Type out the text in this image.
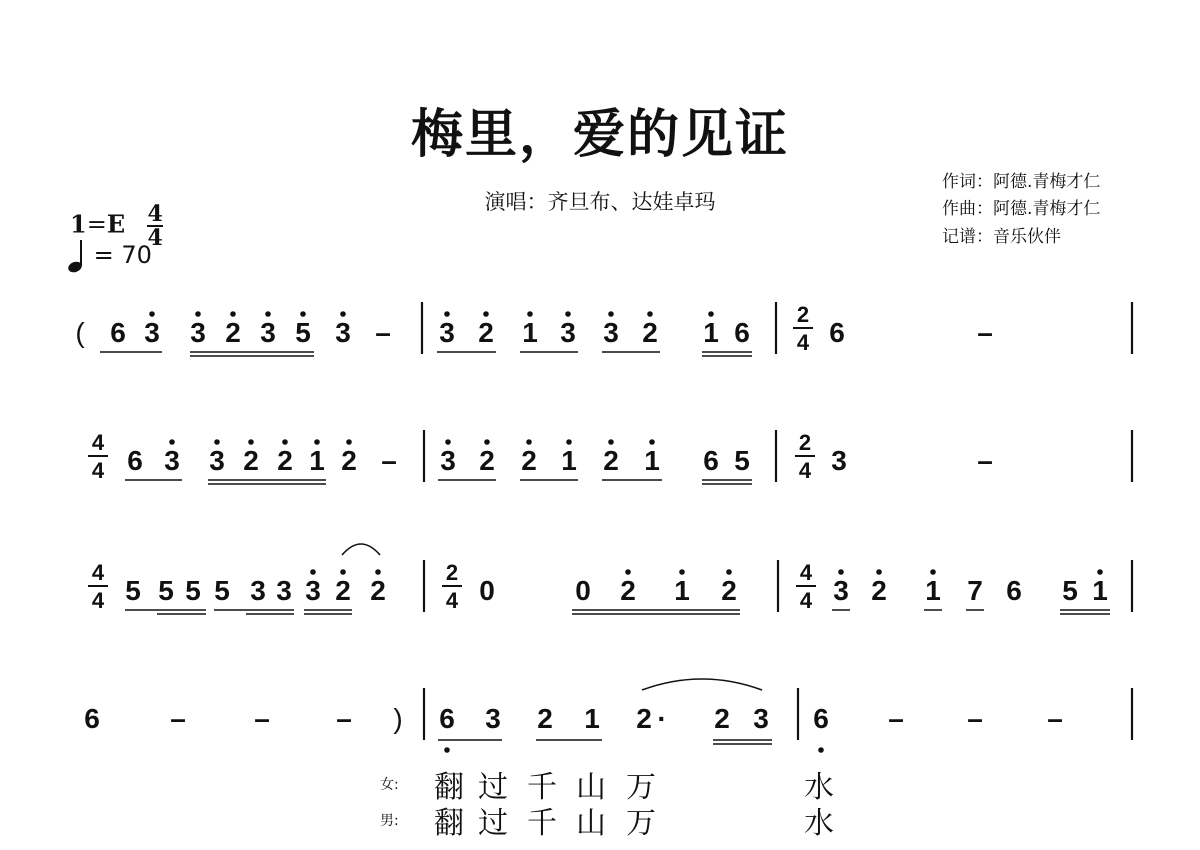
梅里，爱的见证
演唱：齐旦布、达娃卓玛
作词：阿德.青梅才仁
作曲：阿德.青梅才仁
记谱：音乐伙伴
$1=E \frac{4}{4}$
= 70
6 3 3 2 3 5 3 – 3 2 1 3 3 2 1 6	6	–
6 3 3 2 2 1 2 – 3 2 2 1 2 1 6 5	3	–
5 5 5 5 3 3 3 2 2	0	0 2 1 2	3 2 1 7 6 5 1
6	– – –	6 3 2 1 2 · 2 3 6 – – –
(
2
4
4
4
2
4
4
4
2
4
4
4
)
女: 翻 过 千 山 万	水
男: 翻 过 千 山 万	水
